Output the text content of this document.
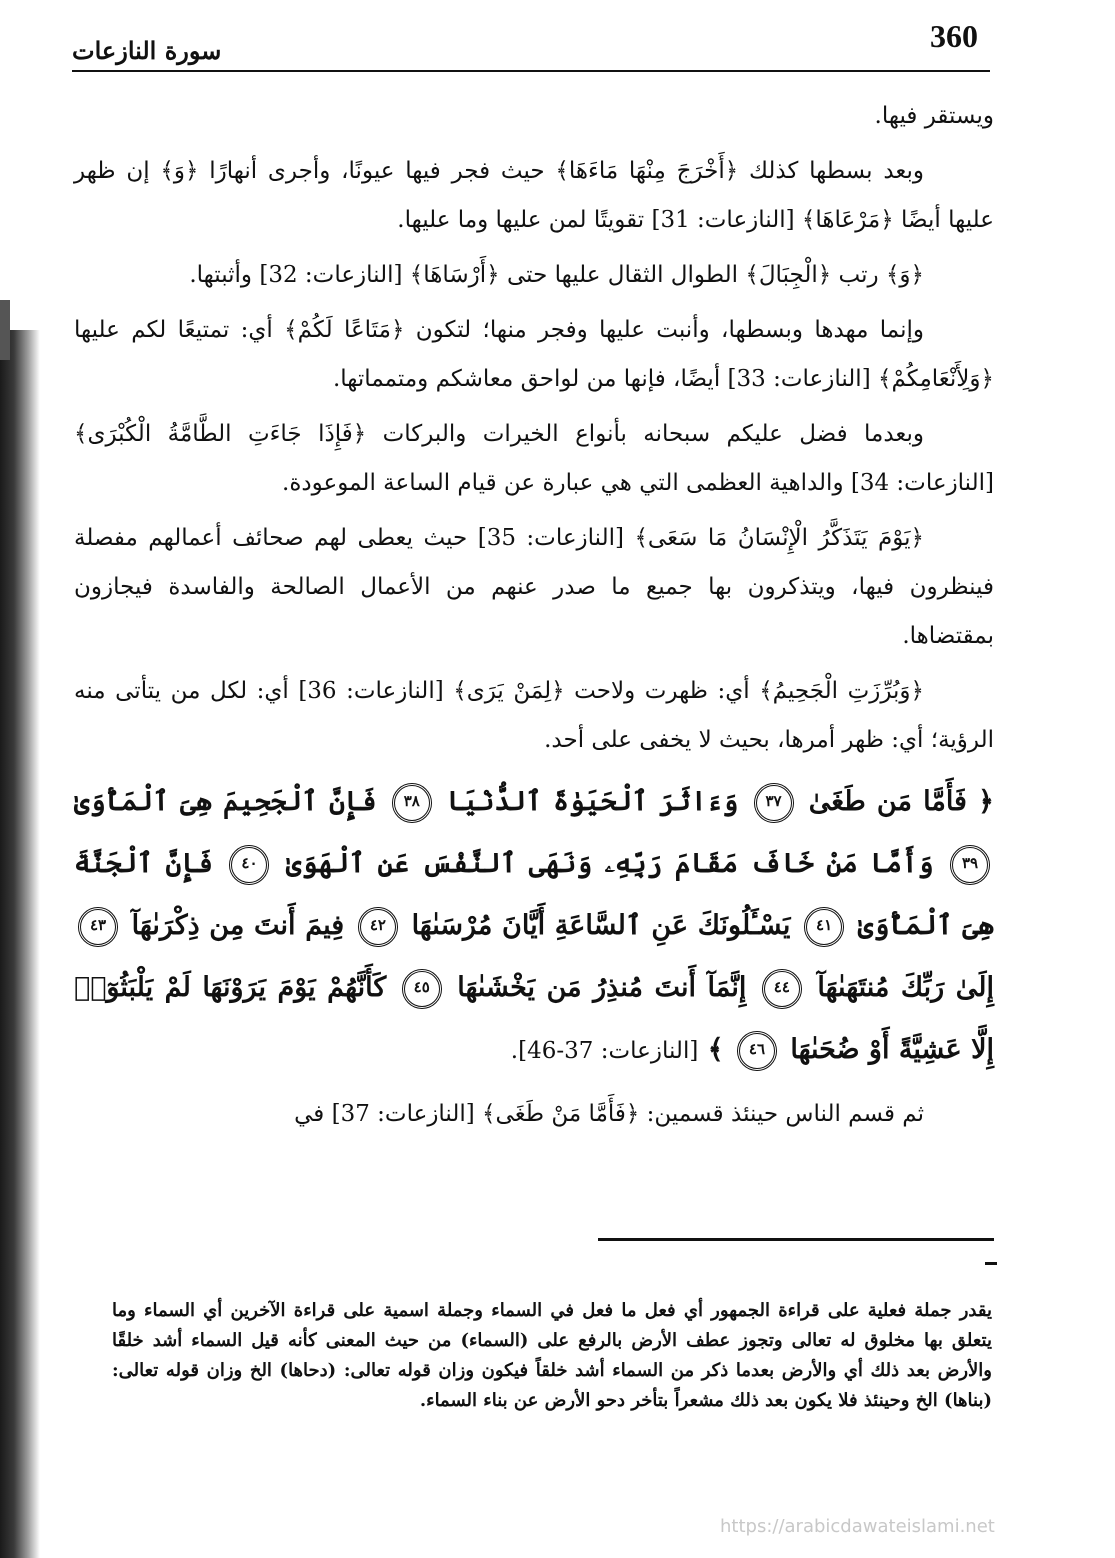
360
سورة النازعات

ويستقر فيها.

وبعد بسطها كذلك ﴿أَخْرَجَ مِنْهَا مَاءَهَا﴾ حيث فجر فيها عيونًا، وأجرى أنهارًا ﴿وَ﴾ إن ظهر عليها أيضًا ﴿مَرْعَاهَا﴾ [النازعات: 31] تقويتًا لمن عليها وما عليها.

﴿وَ﴾ رتب ﴿الْجِبَالَ﴾ الطوال الثقال عليها حتى ﴿أَرْسَاهَا﴾ [النازعات: 32] وأثبتها.

وإنما مهدها وبسطها، وأنبت عليها وفجر منها؛ لتكون ﴿مَتَاعًا لَكُمْ﴾ أي: تمتيعًا لكم عليها ﴿وَلِأَنْعَامِكُمْ﴾ [النازعات: 33] أيضًا، فإنها من لواحق معاشكم ومتمماتها.

وبعدما فضل عليكم سبحانه بأنواع الخيرات والبركات ﴿فَإِذَا جَاءَتِ الطَّامَّةُ الْكُبْرَى﴾ [النازعات: 34] والداهية العظمى التي هي عبارة عن قيام الساعة الموعودة.

﴿يَوْمَ يَتَذَكَّرُ الْإِنْسَانُ مَا سَعَى﴾ [النازعات: 35] حيث يعطى لهم صحائف أعمالهم مفصلة فينظرون فيها، ويتذكرون بها جميع ما صدر عنهم من الأعمال الصالحة والفاسدة فيجازون بمقتضاها.

﴿وَبُرِّزَتِ الْجَحِيمُ﴾ أي: ظهرت ولاحت ﴿لِمَنْ يَرَى﴾ [النازعات: 36] أي: لكل من يتأتى منه الرؤية؛ أي: ظهر أمرها، بحيث لا يخفى على أحد.

﴿ فَأَمَّا مَن طَغَىٰ ٣٧ وَءَاثَرَ ٱلْحَيَوٰةَ ٱلدُّنْيَا ٣٨ فَإِنَّ ٱلْجَحِيمَ هِىَ ٱلْمَأْوَىٰ ٣٩ وَأَمَّا مَنْ خَافَ مَقَامَ رَبِّهِۦ وَنَهَى ٱلنَّفْسَ عَنِ ٱلْهَوَىٰ ٤٠ فَإِنَّ ٱلْجَنَّةَ هِىَ ٱلْمَأْوَىٰ ٤١ يَسْـَٔلُونَكَ عَنِ ٱلسَّاعَةِ أَيَّانَ مُرْسَىٰهَا ٤٢ فِيمَ أَنتَ مِن ذِكْرَىٰهَآ ٤٣ إِلَىٰ رَبِّكَ مُنتَهَىٰهَآ ٤٤ إِنَّمَآ أَنتَ مُنذِرُ مَن يَخْشَىٰهَا ٤٥ كَأَنَّهُمْ يَوْمَ يَرَوْنَهَا لَمْ يَلْبَثُوٓا۟ إِلَّا عَشِيَّةً أَوْ ضُحَىٰهَا ٤٦ ﴾ [النازعات: 37-46].

ثم قسم الناس حينئذ قسمين: ﴿فَأَمَّا مَنْ طَغَى﴾ [النازعات: 37] في

يقدر جملة فعلية على قراءة الجمهور أي فعل ما فعل في السماء وجملة اسمية على قراءة الآخرين أي السماء وما يتعلق بها مخلوق له تعالى وتجوز عطف الأرض بالرفع على (السماء) من حيث المعنى كأنه قيل السماء أشد خلقًا والأرض بعد ذلك أي والأرض بعدما ذكر من السماء أشد خلقاً فيكون وزان قوله تعالى: (دحاها) الخ وزان قوله تعالى: (بناها) الخ وحينئذ فلا يكون بعد ذلك مشعراً بتأخر دحو الأرض عن بناء السماء.
https://arabicdawateislami.net
